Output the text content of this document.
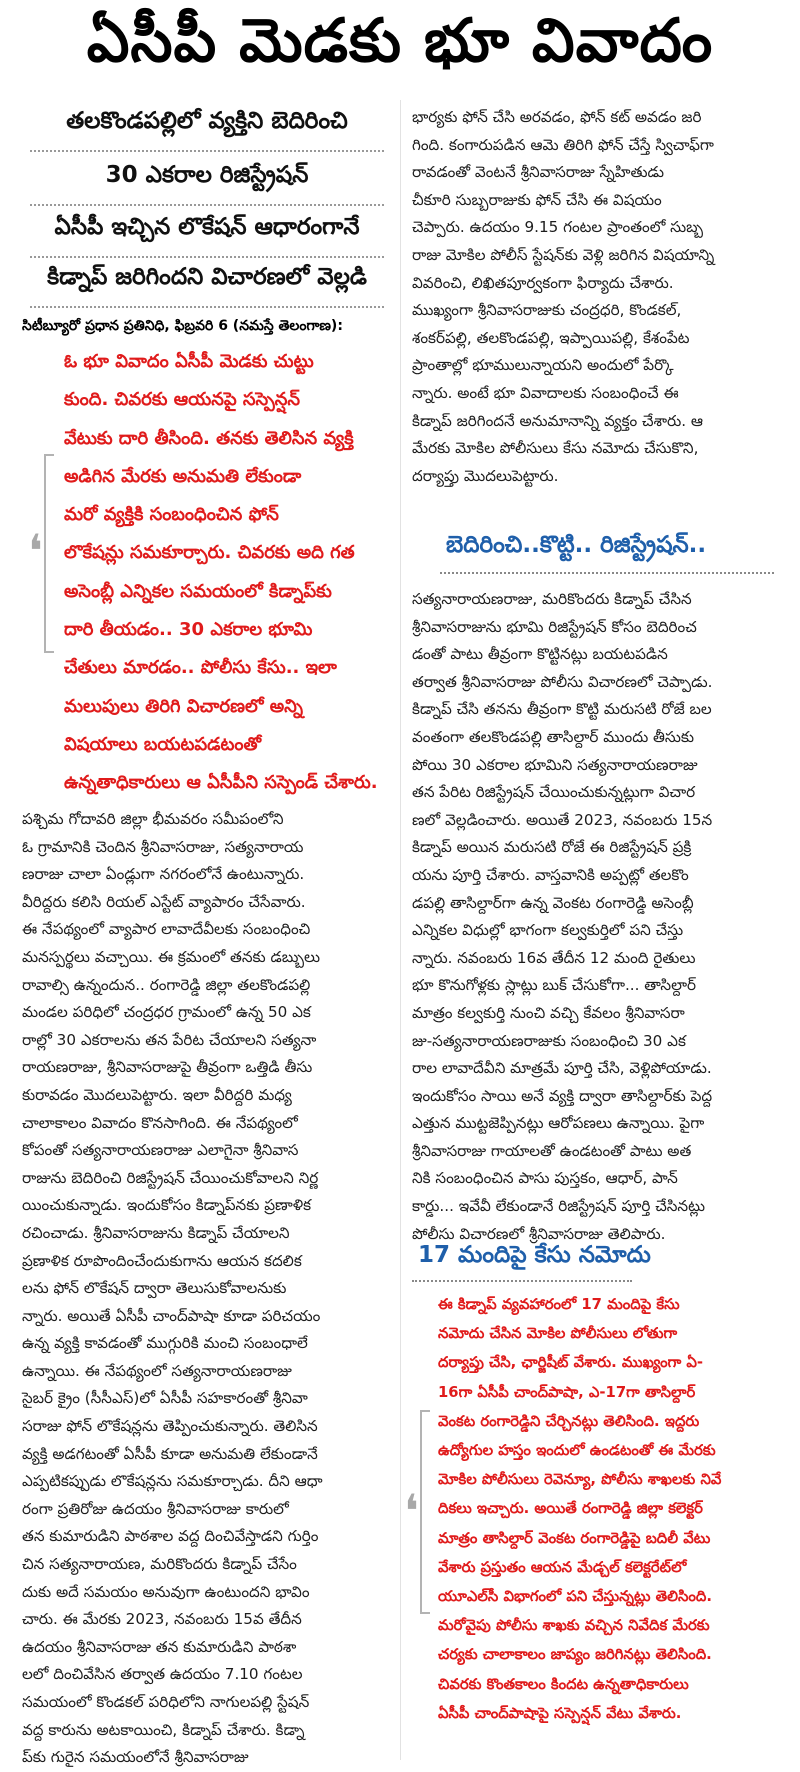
ఏసీపీ మెడకు భూ వివాదం
తలకొండపల్లిలో వ్యక్తిని బెదిరించి
30 ఎకరాల రిజిస్ట్రేషన్
ఏసీపీ ఇచ్చిన లొకేషన్ ఆధారంగానే
కిడ్నాప్ జరిగిందని విచారణలో వెల్లడి
సిటీబ్యూరో ప్రధాన ప్రతినిధి, ఫిబ్రవరి 6 (నమస్తే తెలంగాణ):
❛
ఓ భూ వివాదం ఏసీపీ మెడకు చుట్టు
కుంది. చివరకు ఆయనపై సస్పెన్షన్
వేటుకు దారి తీసింది. తనకు తెలిసిన వ్యక్తి
అడిగిన మేరకు అనుమతి లేకుండా
మరో వ్యక్తికి సంబంధించిన ఫోన్
లొకేషన్లు సమకూర్చారు. చివరకు అది గత
అసెంబ్లీ ఎన్నికల సమయంలో కిడ్నాప్‌కు
దారి తీయడం.. 30 ఎకరాల భూమి
చేతులు మారడం.. పోలీసు కేసు.. ఇలా
మలుపులు తిరిగి విచారణలో అన్ని
విషయాలు బయటపడటంతో
ఉన్నతాధికారులు ఆ ఏసీపీని సస్పెండ్ చేశారు.
పశ్చిమ గోదావరి జిల్లా భీమవరం సమీపంలోని
ఓ గ్రామానికి చెందిన శ్రీనివాసరాజు, సత్యనారాయ
ణరాజు చాలా ఏండ్లుగా నగరంలోనే ఉంటున్నారు.
వీరిద్దరు కలిసి రియల్ ఎస్టేట్ వ్యాపారం చేసేవారు.
ఈ నేపథ్యంలో వ్యాపార లావాదేవీలకు సంబంధించి
మనస్పర్థలు వచ్చాయి. ఈ క్రమంలో తనకు డబ్బులు
రావాల్సి ఉన్నందున.. రంగారెడ్డి జిల్లా తలకొండపల్లి
మండల పరిధిలో చంద్రధర గ్రామంలో ఉన్న 50 ఎక
రాల్లో 30 ఎకరాలను తన పేరిట చేయాలని సత్యనా
రాయణరాజు, శ్రీనివాసరాజుపై తీవ్రంగా ఒత్తిడి తీసు
కురావడం మొదలుపెట్టారు. ఇలా వీరిద్దరి మధ్య
చాలాకాలం వివాదం కొనసాగింది. ఈ నేపథ్యంలో
కోపంతో సత్యనారాయణరాజు ఎలాగైనా శ్రీనివాస
రాజును బెదిరించి రిజిస్ట్రేషన్ చేయించుకోవాలని నిర్ణ
యించుకున్నాడు. ఇందుకోసం కిడ్నాప్‌నకు ప్రణాళిక
రచించాడు. శ్రీనివాసరాజును కిడ్నాప్ చేయాలని
ప్రణాళిక రూపొందించేందుకుగాను ఆయన కదలిక
లను ఫోన్ లొకేషన్ ద్వారా తెలుసుకోవాలనుకు
న్నారు. అయితే ఏసీపీ చాంద్‌పాషా కూడా పరిచయం
ఉన్న వ్యక్తి కావడంతో ముగ్గురికి మంచి సంబంధాలే
ఉన్నాయి. ఈ నేపథ్యంలో సత్యనారాయణరాజు
సైబర్ క్రైం (సీసీఎస్)లో ఏసీపీ సహకారంతో శ్రీనివా
సరాజు ఫోన్ లొకేషన్లను తెప్పించుకున్నారు. తెలిసిన
వ్యక్తి అడగటంతో ఏసీపీ కూడా అనుమతి లేకుండానే
ఎప్పటికప్పుడు లొకేషన్లను సమకూర్చాడు. దీని ఆధా
రంగా ప్రతిరోజు ఉదయం శ్రీనివాసరాజు కారులో
తన కుమారుడిని పాఠశాల వద్ద దించివేస్తాడని గుర్తిం
చిన సత్యనారాయణ, మరికొందరు కిడ్నాప్ చేసేం
దుకు అదే సమయం అనువుగా ఉంటుందని భావిం
చారు. ఈ మేరకు 2023, నవంబరు 15వ తేదీన
ఉదయం శ్రీనివాసరాజు తన కుమారుడిని పాఠశా
లలో దించివేసిన తర్వాత ఉదయం 7.10 గంటల
సమయంలో కొండకల్ పరిధిలోని నాగులపల్లి స్టేషన్
వద్ద కారును అటకాయించి, కిడ్నాప్ చేశారు. కిడ్నా
ప్‌కు గురైన సమయంలోనే శ్రీనివాసరాజు
భార్యకు ఫోన్ చేసి అరవడం, ఫోన్ కట్ అవడం జరి
గింది. కంగారుపడిన ఆమె తిరిగి ఫోన్ చేస్తే స్విచాఫ్‌గా
రావడంతో వెంటనే శ్రీనివాసరాజు స్నేహితుడు
చీకూరి సుబ్బరాజుకు ఫోన్ చేసి ఈ విషయం
చెప్పారు. ఉదయం 9.15 గంటల ప్రాంతంలో సుబ్బ
రాజు మోకిల పోలీస్ స్టేషన్‌కు వెళ్లి జరిగిన విషయాన్ని
వివరించి, లిఖితపూర్వకంగా ఫిర్యాదు చేశారు.
ముఖ్యంగా శ్రీనివాసరాజుకు చంద్రధరి, కొండకల్,
శంకర్‌పల్లి, తలకొండపల్లి, ఇప్పాయిపల్లి, కేశంపేట
ప్రాంతాల్లో భూములున్నాయని అందులో పేర్కొ
న్నారు. అంటే భూ వివాదాలకు సంబంధించే ఈ
కిడ్నాప్ జరిగిందనే అనుమానాన్ని వ్యక్తం చేశారు. ఆ
మేరకు మోకిల పోలీసులు కేసు నమోదు చేసుకొని,
దర్యాప్తు మొదలుపెట్టారు.
బెదిరించి..కొట్టి.. రిజిస్ట్రేషన్..
సత్యనారాయణరాజు, మరికొందరు కిడ్నాప్ చేసిన
శ్రీనివాసరాజును భూమి రిజిస్ట్రేషన్ కోసం బెదిరించ
డంతో పాటు తీవ్రంగా కొట్టినట్లు బయటపడిన
తర్వాత శ్రీనివాసరాజు పోలీసు విచారణలో చెప్పాడు.
కిడ్నాప్ చేసి తనను తీవ్రంగా కొట్టి మరుసటి రోజే బల
వంతంగా తలకొండపల్లి తాసిల్దార్ ముందు తీసుకు
పోయి 30 ఎకరాల భూమిని సత్యనారాయణరాజు
తన పేరిట రిజిస్ట్రేషన్ చేయించుకున్నట్లుగా విచార
ణలో వెల్లడించారు. అయితే 2023, నవంబరు 15న
కిడ్నాప్ అయిన మరుసటి రోజే ఈ రిజిస్ట్రేషన్ ప్రక్రి
యను పూర్తి చేశారు. వాస్తవానికి అప్పట్లో తలకొం
డపల్లి తాసిల్దార్‌గా ఉన్న వెంకట రంగారెడ్డి అసెంబ్లీ
ఎన్నికల విధుల్లో భాగంగా కల్వకుర్తిలో పని చేస్తు
న్నారు. నవంబరు 16వ తేదీన 12 మంది రైతులు
భూ కొనుగోళ్లకు స్లాట్లు బుక్ చేసుకోగా... తాసిల్దార్
మాత్రం కల్వకుర్తి నుంచి వచ్చి కేవలం శ్రీనివాసరా
జు-సత్యనారాయణరాజుకు సంబంధించి 30 ఎక
రాల లావాదేవీని మాత్రమే పూర్తి చేసి, వెళ్లిపోయాడు.
ఇందుకోసం సాయి అనే వ్యక్తి ద్వారా తాసిల్దార్‌కు పెద్ద
ఎత్తున ముట్టజెప్పినట్లు ఆరోపణలు ఉన్నాయి. పైగా
శ్రీనివాసరాజు గాయాలతో ఉండటంతో పాటు అత
నికి సంబంధించిన పాసు పుస్తకం, ఆధార్, పాన్
కార్డు... ఇవేవీ లేకుండానే రిజిస్ట్రేషన్ పూర్తి చేసినట్లు
పోలీసు విచారణలో శ్రీనివాసరాజు తెలిపారు.
17 మందిపై కేసు నమోదు
❛
ఈ కిడ్నాప్ వ్యవహారంలో 17 మందిపై కేసు
నమోదు చేసిన మోకిల పోలీసులు లోతుగా
దర్యాప్తు చేసి, ఛార్జిషీట్ వేశారు. ముఖ్యంగా ఏ-
16గా ఏసీపీ చాంద్‌పాషా, ఎ-17గా తాసిల్దార్
వెంకట రంగారెడ్డిని చేర్చినట్లు తెలిసింది. ఇద్దరు
ఉద్యోగుల హస్తం ఇందులో ఉండటంతో ఈ మేరకు
మోకిల పోలీసులు రెవెన్యూ, పోలీసు శాఖలకు నివే
దికలు ఇచ్చారు. అయితే రంగారెడ్డి జిల్లా కలెక్టర్
మాత్రం తాసిల్దార్ వెంకట రంగారెడ్డిపై బదిలీ వేటు
వేశారు ప్రస్తుతం ఆయన మేడ్చల్ కలెక్టరేట్‌లో
యూఎల్‌సీ విభాగంలో పని చేస్తున్నట్లు తెలిసింది.
మరోవైపు పోలీసు శాఖకు వచ్చిన నివేదిక మేరకు
చర్యకు చాలాకాలం జాప్యం జరిగినట్లు తెలిసింది.
చివరకు కొంతకాలం కిందట ఉన్నతాధికారులు
ఏసీపీ చాంద్‌పాషాపై సస్పెన్షన్ వేటు వేశారు.
